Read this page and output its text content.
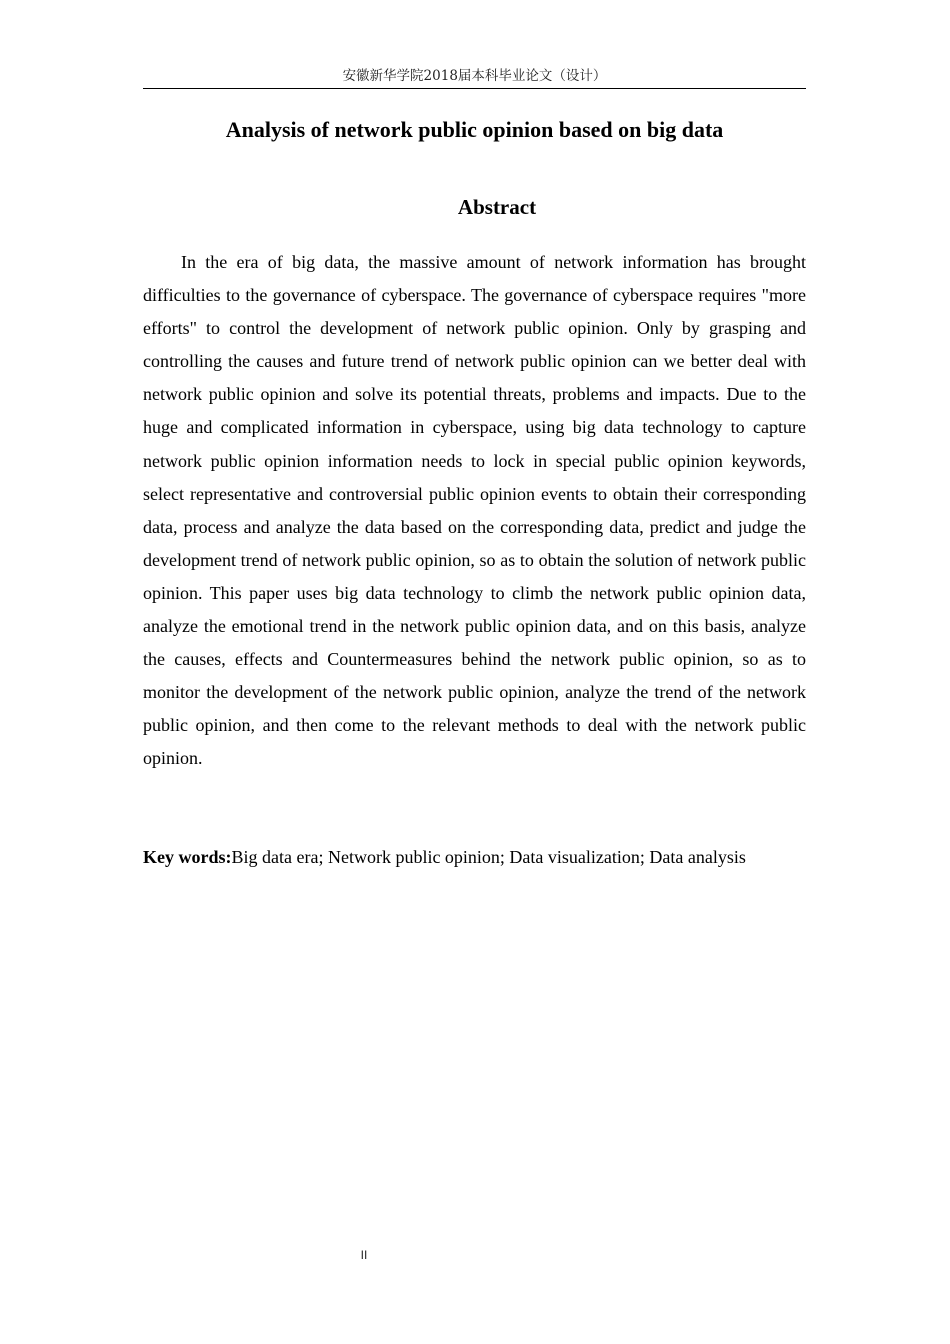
安徽新华学院2018届本科毕业论文（设计）
Analysis of network public opinion based on big data
Abstract

In the era of big data, the massive amount of network information has brought difficulties to the governance of cyberspace. The governance of cyberspace requires "more efforts" to control the development of network public opinion. Only by grasping and controlling the causes and future trend of network public opinion can we better deal with network public opinion and solve its potential threats, problems and impacts. Due to the huge and complicated information in cyberspace, using big data technology to capture network public opinion information needs to lock in special public opinion keywords, select representative and controversial public opinion events to obtain their corresponding data, process and analyze the data based on the corresponding data, predict and judge the development trend of network public opinion, so as to obtain the solution of network public opinion. This paper uses big data technology to climb the network public opinion data, analyze the emotional trend in the network public opinion data, and on this basis, analyze the causes, effects and Countermeasures behind the network public opinion, so as to monitor the development of the network public opinion, analyze the trend of the network public opinion, and then come to the relevant methods to deal with the network public opinion.

Key words:Big data era; Network public opinion; Data visualization; Data analysis

II
